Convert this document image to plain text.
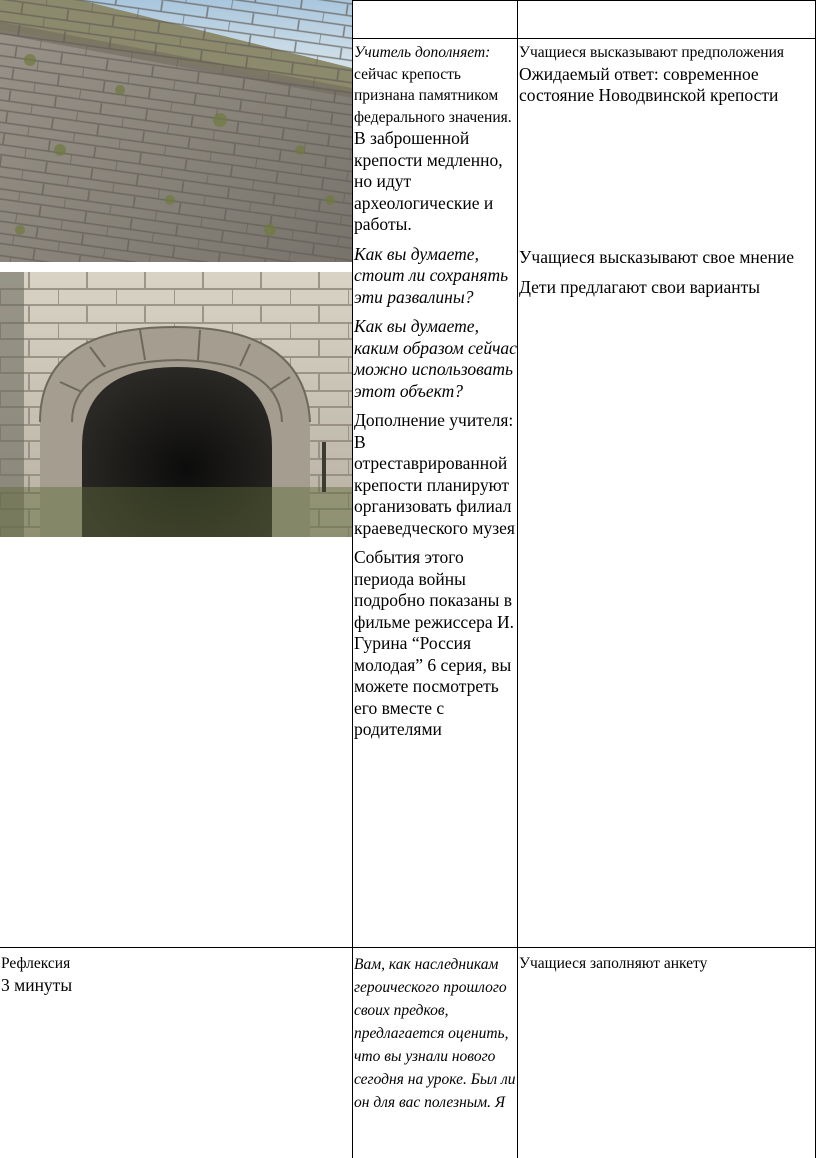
Учитель дополняет: сейчас крепость признана памятником федерального значения.

В заброшенной крепости медленно, но идут археологические и работы.

Как вы думаете, стоит ли сохранять эти развалины?

Как вы думаете, каким образом сейчас можно использовать этот объект?

Дополнение учителя: В отреставрированной крепости планируют организовать филиал краеведческого музея

События этого периода войны подробно показаны в фильме режиссера И. Гурина “Россия молодая” 6 серия, вы можете посмотреть его вместе с родителями

Учащиеся высказывают предположения

Ожидаемый ответ: современное состояние Новодвинской крепости

Учащиеся высказывают свое мнение

Дети предлагают свои варианты

Рефлексия

3 минуты

Вам, как наследникам героического прошлого своих предков, предлагается оценить, что вы узнали нового сегодня на уроке. Был ли он для вас полезным. Я

Учащиеся заполняют анкету
